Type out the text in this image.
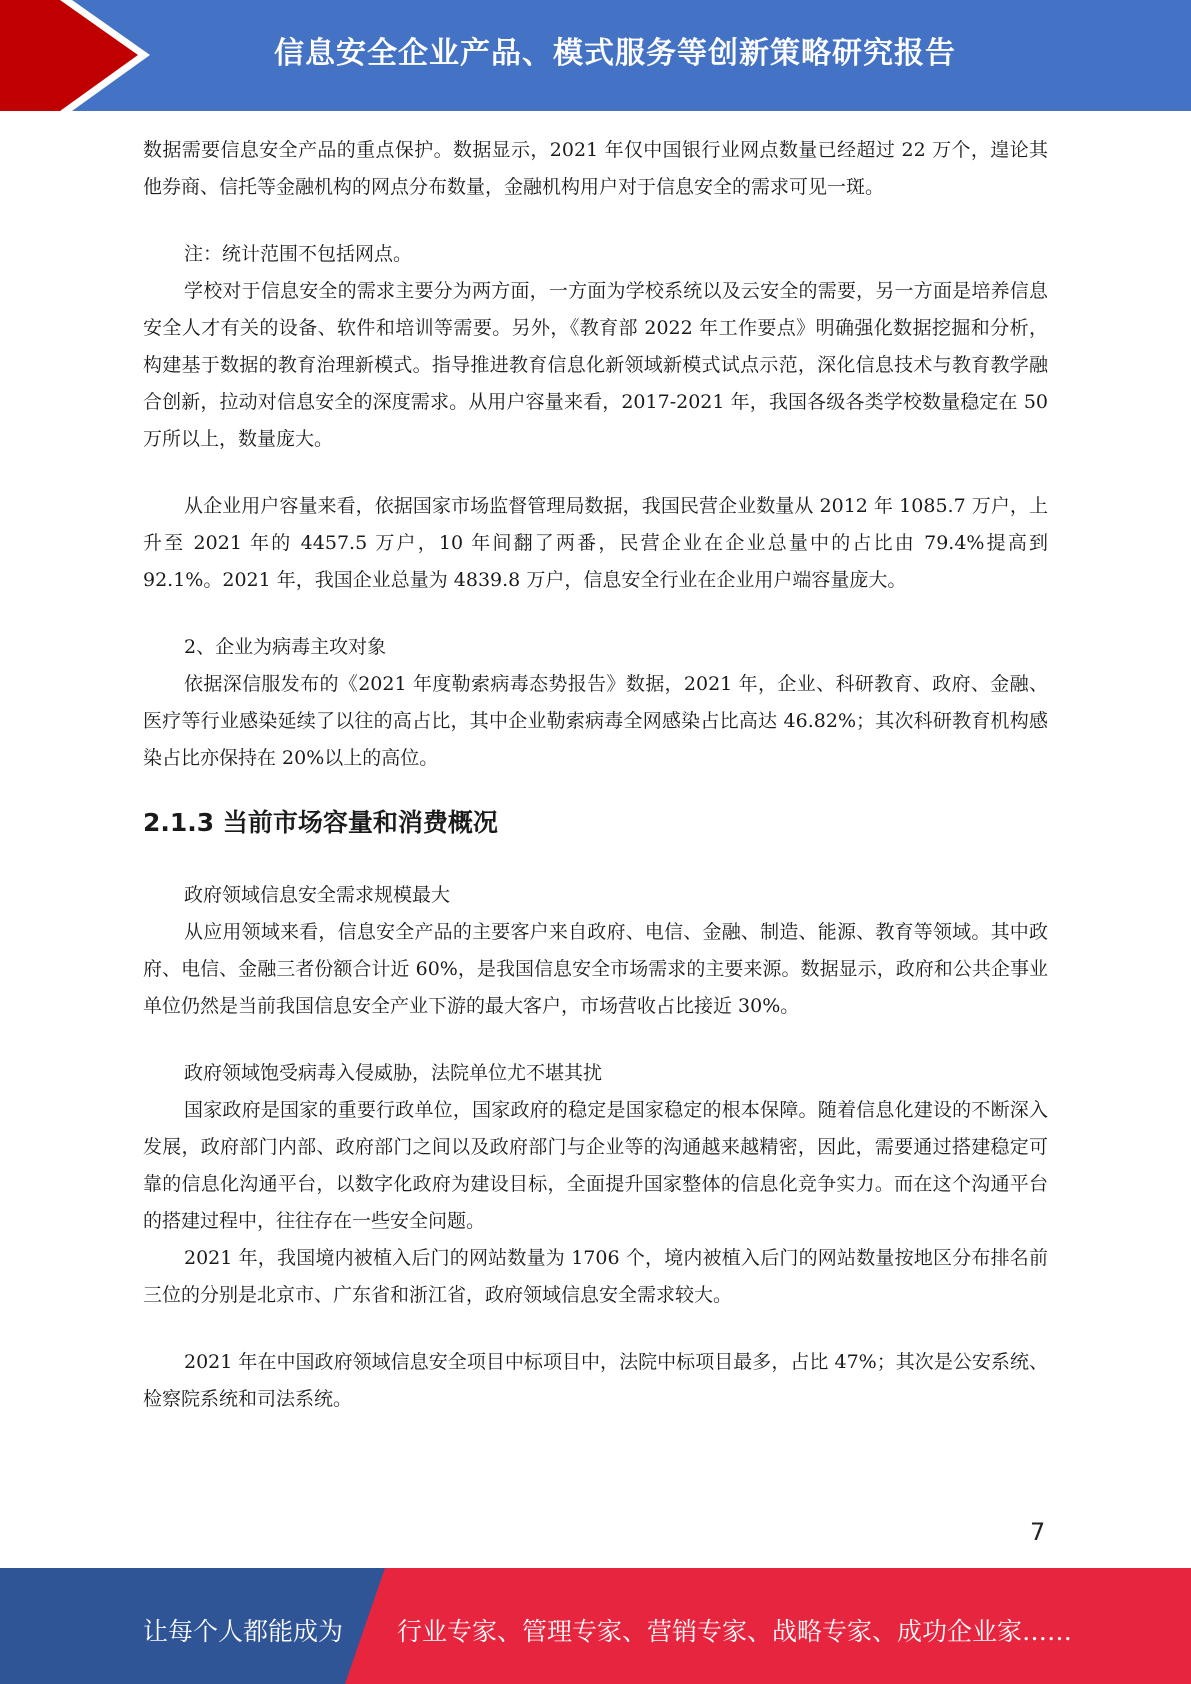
信息安全企业产品、模式服务等创新策略研究报告

数据需要信息安全产品的重点保护。数据显示，2021 年仅中国银行业网点数量已经超过 22 万个，遑论其他券商、信托等金融机构的网点分布数量，金融机构用户对于信息安全的需求可见一斑。

注：统计范围不包括网点。

学校对于信息安全的需求主要分为两方面，一方面为学校系统以及云安全的需要，另一方面是培养信息安全人才有关的设备、软件和培训等需要。另外，《教育部 2022 年工作要点》明确强化数据挖掘和分析，构建基于数据的教育治理新模式。指导推进教育信息化新领域新模式试点示范，深化信息技术与教育教学融合创新，拉动对信息安全的深度需求。从用户容量来看，2017-2021 年，我国各级各类学校数量稳定在 50 万所以上，数量庞大。

从企业用户容量来看，依据国家市场监督管理局数据，我国民营企业数量从 2012 年 1085.7 万户，上升至 2021 年的 4457.5 万户，10 年间翻了两番，民营企业在企业总量中的占比由 79.4%提高到 92.1%。2021 年，我国企业总量为 4839.8 万户，信息安全行业在企业用户端容量庞大。

2、企业为病毒主攻对象

依据深信服发布的《2021 年度勒索病毒态势报告》数据，2021 年，企业、科研教育、政府、金融、医疗等行业感染延续了以往的高占比，其中企业勒索病毒全网感染占比高达 46.82%；其次科研教育机构感染占比亦保持在 20%以上的高位。

2.1.3 当前市场容量和消费概况

政府领域信息安全需求规模最大

从应用领域来看，信息安全产品的主要客户来自政府、电信、金融、制造、能源、教育等领域。其中政府、电信、金融三者份额合计近 60%，是我国信息安全市场需求的主要来源。数据显示，政府和公共企事业单位仍然是当前我国信息安全产业下游的最大客户，市场营收占比接近 30%。

政府领域饱受病毒入侵威胁，法院单位尤不堪其扰

国家政府是国家的重要行政单位，国家政府的稳定是国家稳定的根本保障。随着信息化建设的不断深入发展，政府部门内部、政府部门之间以及政府部门与企业等的沟通越来越精密，因此，需要通过搭建稳定可靠的信息化沟通平台，以数字化政府为建设目标，全面提升国家整体的信息化竞争实力。而在这个沟通平台的搭建过程中，往往存在一些安全问题。

2021 年，我国境内被植入后门的网站数量为 1706 个，境内被植入后门的网站数量按地区分布排名前三位的分别是北京市、广东省和浙江省，政府领域信息安全需求较大。

2021 年在中国政府领域信息安全项目中标项目中，法院中标项目最多，占比 47%；其次是公安系统、检察院系统和司法系统。

7
让每个人都能成为 行业专家、管理专家、营销专家、战略专家、成功企业家……
